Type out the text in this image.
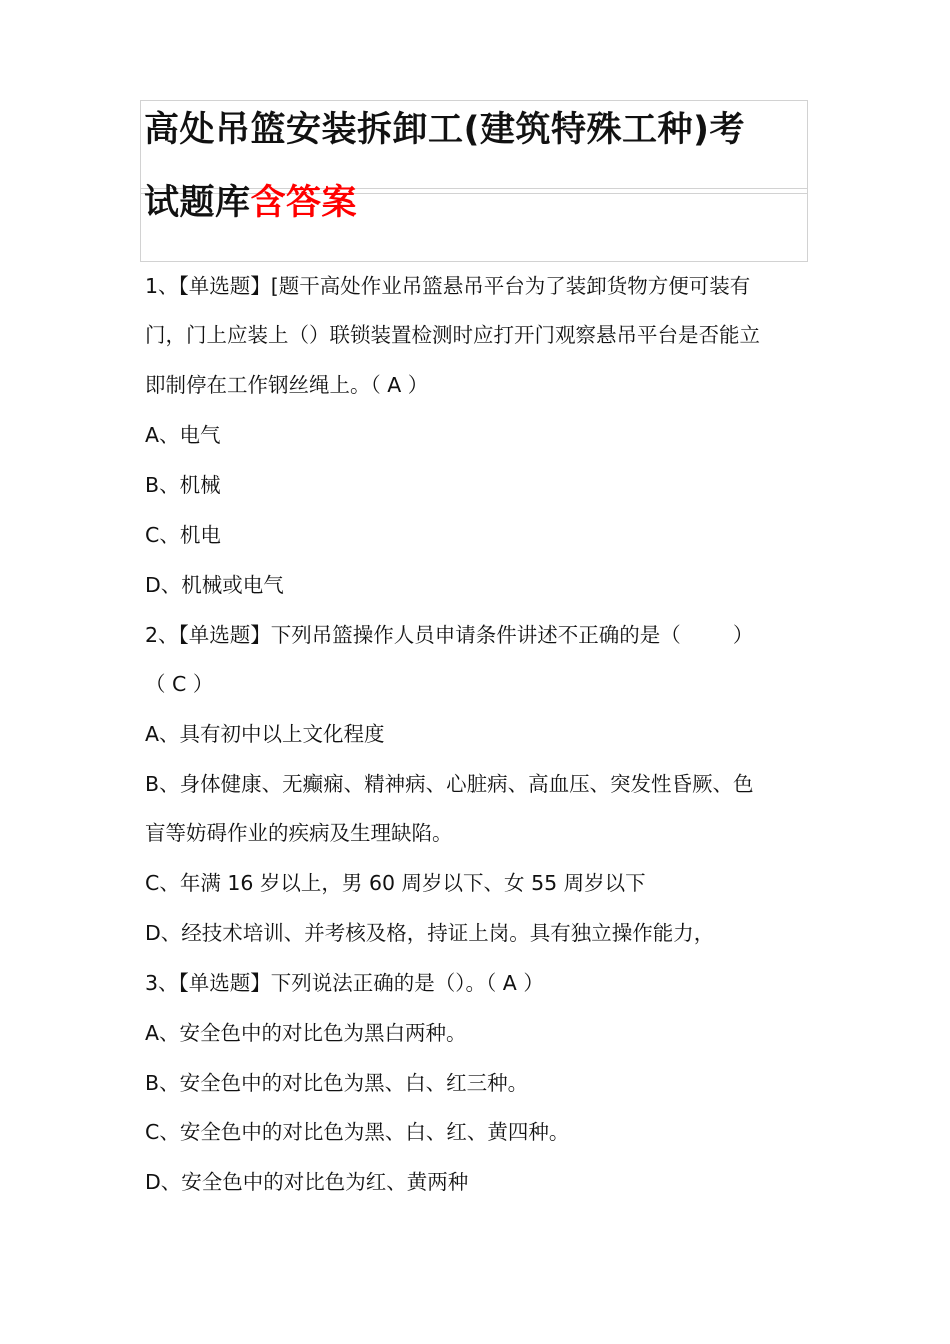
高处吊篮安装拆卸工(建筑特殊工种)考
试题库含答案
1、【单选题】[题干高处作业吊篮悬吊平台为了装卸货物方便可装有
门，门上应装上（）联锁装置检测时应打开门观察悬吊平台是否能立
即制停在工作钢丝绳上。（ A ）
A、电气
B、机械
C、机电
D、机械或电气
2、【单选题】下列吊篮操作人员申请条件讲述不正确的是（        ）
（ C ）
A、具有初中以上文化程度
B、身体健康、无癫痫、精神病、心脏病、高血压、突发性昏厥、色
盲等妨碍作业的疾病及生理缺陷。
C、年满 16 岁以上，男 60 周岁以下、女 55 周岁以下
D、经技术培训、并考核及格，持证上岗。具有独立操作能力，
3、【单选题】下列说法正确的是（）。（ A ）
A、安全色中的对比色为黑白两种。
B、安全色中的对比色为黑、白、红三种。
C、安全色中的对比色为黑、白、红、黄四种。
D、安全色中的对比色为红、黄两种
